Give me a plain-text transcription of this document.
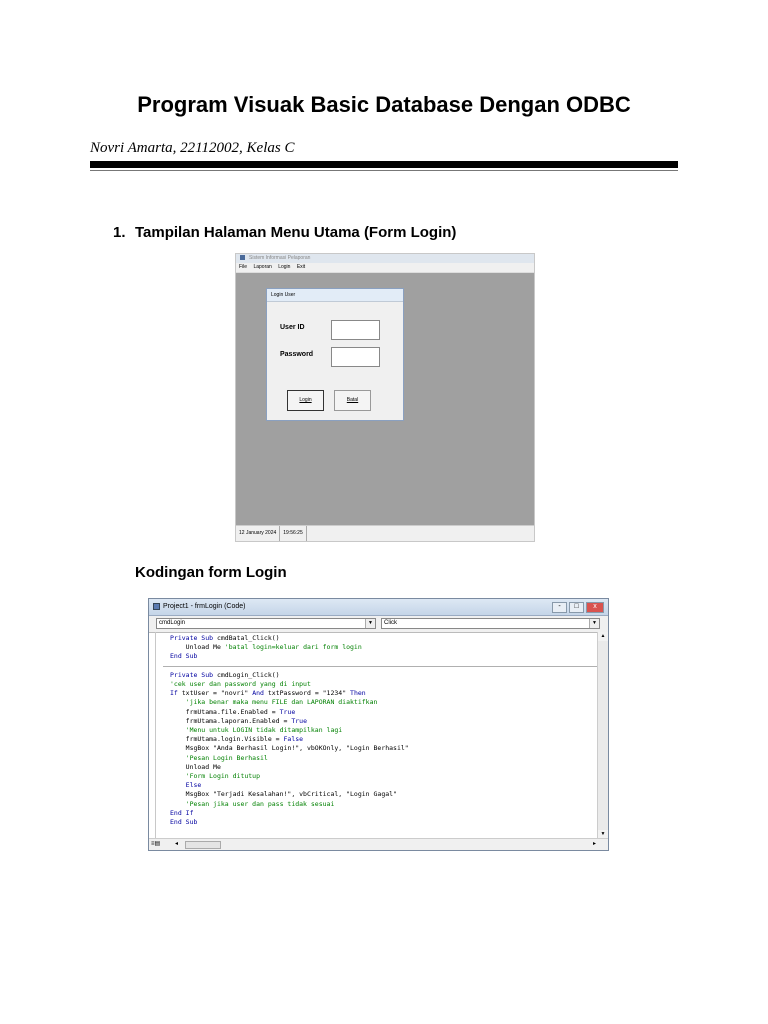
Program Visuak Basic Database Dengan ODBC
Novri Amarta, 22112002, Kelas C
1. Tampilan Halaman Menu Utama (Form Login)
Sistem Informasi Pelaporan
File Laporan Login Exit
Login User
User ID
Password
Login	Batal
12 January 2024 19:56:25
Kodingan form Login
Project1 - frmLogin (Code)	- □ x
cmdLogin	▼	Click	▼
Private Sub cmdBatal_Click()
Unload Me 'batal login=keluar dari form login
End Sub

Private Sub cmdLogin_Click()
'cek user dan password yang di input
If txtUser = "novri" And txtPassword = "1234" Then
'jika benar maka menu FILE dan LAPORAN diaktifkan
frmUtama.file.Enabled = True
frmUtama.laporan.Enabled = True
'Menu untuk LOGIN tidak ditampilkan lagi
frmUtama.login.Visible = False
MsgBox "Anda Berhasil Login!", vbOKOnly, "Login Berhasil"
'Pesan Login Berhasil
Unload Me
'Form Login ditutup
Else
MsgBox "Terjadi Kesalahan!", vbCritical, "Login Gagal"
'Pesan jika user dan pass tidak sesuai
End If
End Sub

▲
▼
≡▤ ◂	▸
